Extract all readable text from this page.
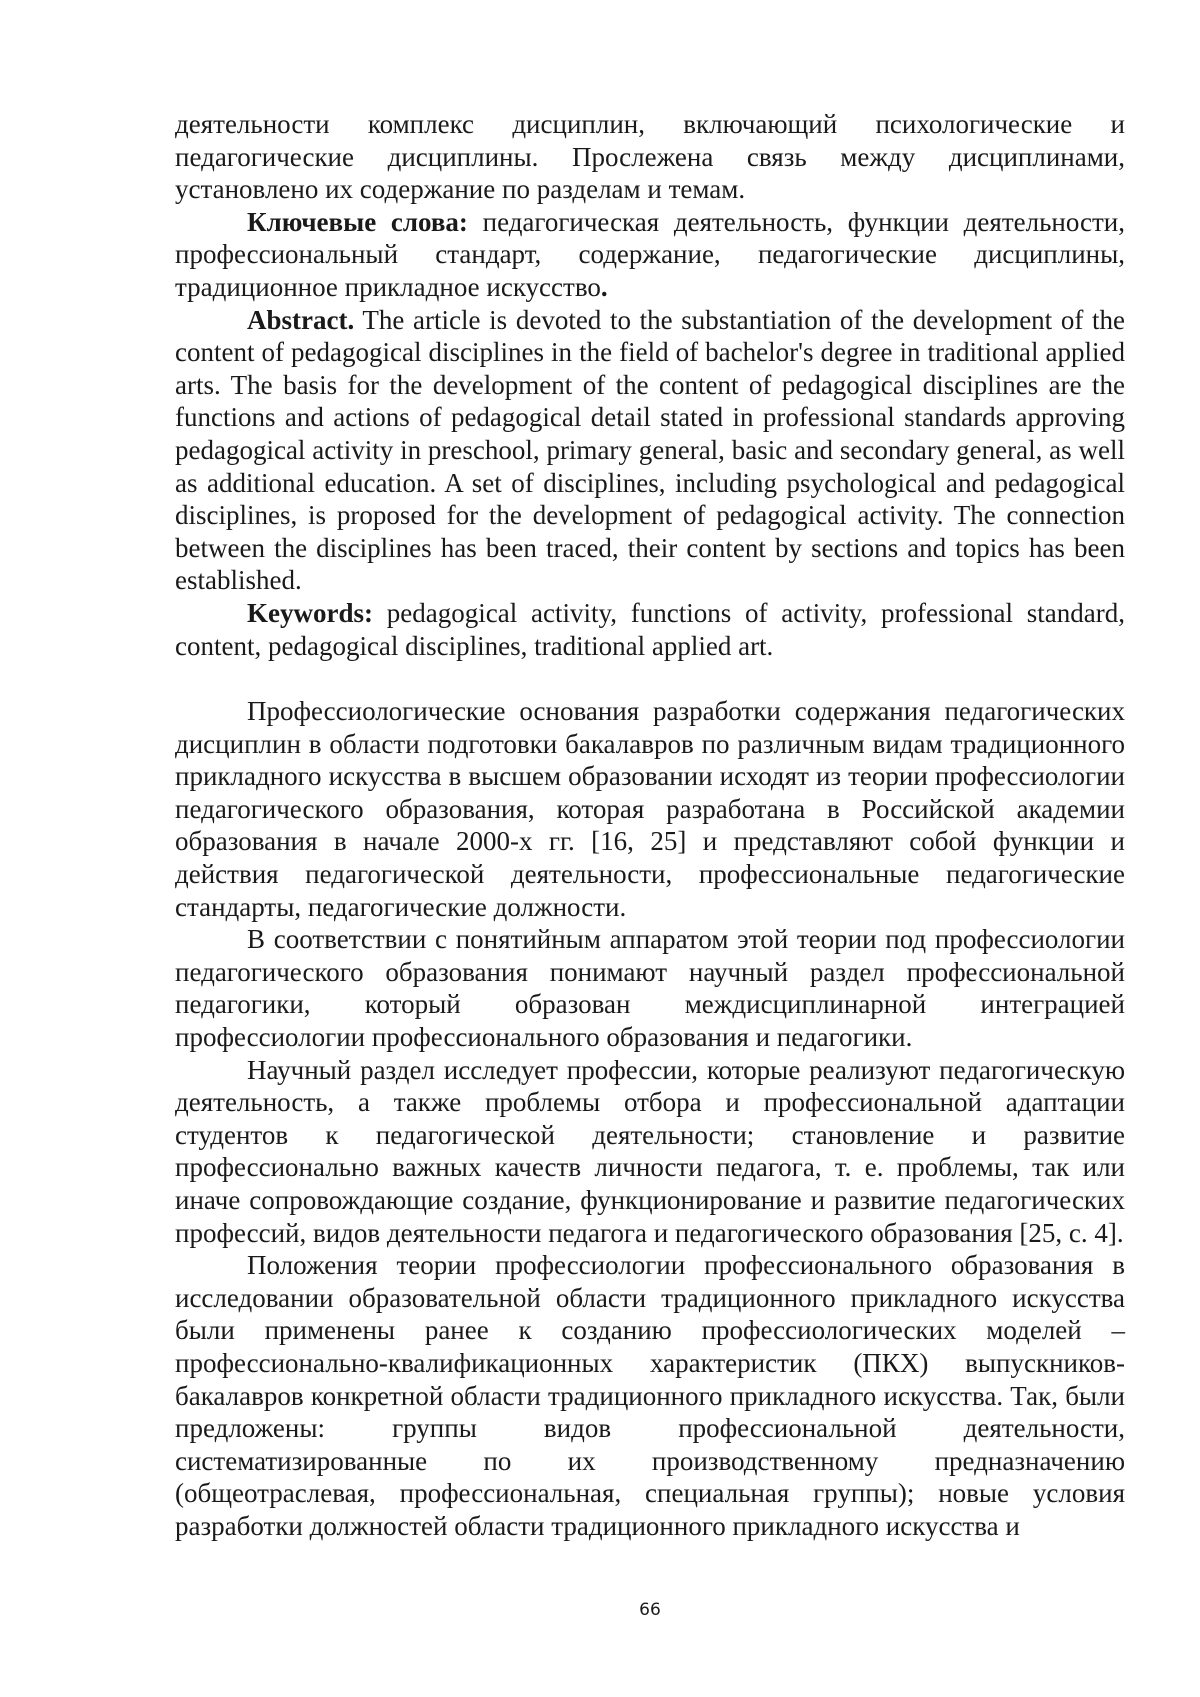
деятельности комплекс дисциплин, включающий психологические и педагогические дисциплины. Прослежена связь между дисциплинами, установлено их содержание по разделам и темам.

Ключевые слова: педагогическая деятельность, функции деятельности, профессиональный стандарт, содержание, педагогические дисциплины, традиционное прикладное искусство.

Abstract. The article is devoted to the substantiation of the development of the content of pedagogical disciplines in the field of bachelor's degree in traditional applied arts. The basis for the development of the content of pedagogical disciplines are the functions and actions of pedagogical detail stated in professional standards approving pedagogical activity in preschool, primary general, basic and secondary general, as well as additional education. A set of disciplines, including psychological and pedagogical disciplines, is proposed for the development of pedagogical activity. The connection between the disciplines has been traced, their content by sections and topics has been established.

Keywords: pedagogical activity, functions of activity, professional standard, content, pedagogical disciplines, traditional applied art.

Профессиологические основания разработки содержания педагогических дисциплин в области подготовки бакалавров по различным видам традиционного прикладного искусства в высшем образовании исходят из теории профессиологии педагогического образования, которая разработана в Российской академии образования в начале 2000-х гг. [16, 25] и представляют собой функции и действия педагогической деятельности, профессиональные педагогические стандарты, педагогические должности.

В соответствии с понятийным аппаратом этой теории под профессиологии педагогического образования понимают научный раздел профессиональной педагогики, который образован междисциплинарной интеграцией профессиологии профессионального образования и педагогики.

Научный раздел исследует профессии, которые реализуют педагогическую деятельность, а также проблемы отбора и профессиональной адаптации студентов к педагогической деятельности; становление и развитие профессионально важных качеств личности педагога, т. е. проблемы, так или иначе сопровождающие создание, функционирование и развитие педагогических профессий, видов деятельности педагога и педагогического образования [25, с. 4].

Положения теории профессиологии профессионального образования в исследовании образовательной области традиционного прикладного искусства были применены ранее к созданию профессиологических моделей – профессионально-квалификационных характеристик (ПКХ) выпускников-бакалавров конкретной области традиционного прикладного искусства. Так, были предложены: группы видов профессиональной деятельности, систематизированные по их производственному предназначению (общеотраслевая, профессиональная, специальная группы); новые условия разработки должностей области традиционного прикладного искусства и

66
